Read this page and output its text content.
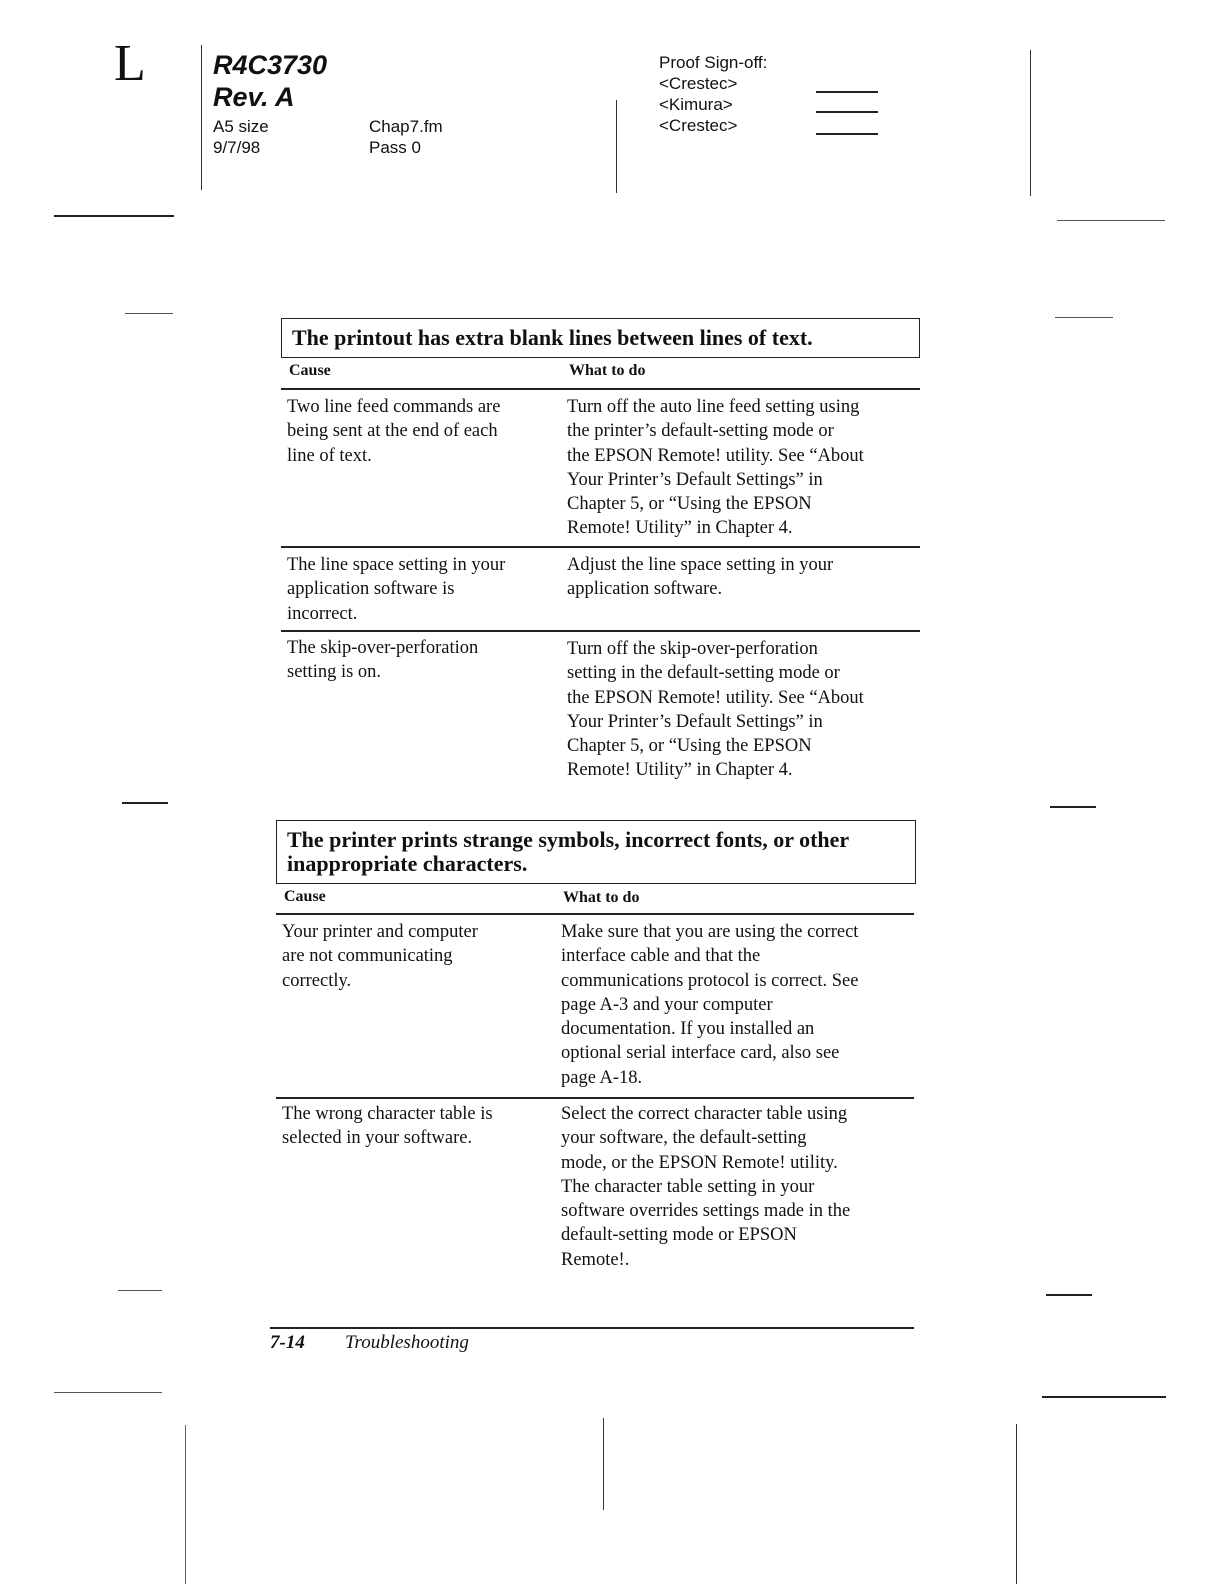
L R4C3730
Rev. A
A5 size
9/7/98
Chap7.fm
Pass 0
Proof Sign-off:
<Crestec>
<Kimura>
<Crestec>
The printout has extra blank lines between lines of text.
Cause	What to do
Two line feed commands are
being sent at the end of each
line of text.
Turn off the auto line feed setting using
the printer’s default-setting mode or
the EPSON Remote! utility. See “About
Your Printer’s Default Settings” in
Chapter 5, or “Using the EPSON
Remote! Utility” in Chapter 4.
The line space setting in your
application software is
incorrect.
Adjust the line space setting in your
application software.
The skip-over-perforation
setting is on.
Turn off the skip-over-perforation
setting in the default-setting mode or
the EPSON Remote! utility. See “About
Your Printer’s Default Settings” in
Chapter 5, or “Using the EPSON
Remote! Utility” in Chapter 4.
The printer prints strange symbols, incorrect fonts, or other
inappropriate characters.
Cause	What to do
Your printer and computer
are not communicating
correctly.
Make sure that you are using the correct
interface cable and that the
communications protocol is correct. See
page A-3 and your computer
documentation. If you installed an
optional serial interface card, also see
page A-18.
The wrong character table is
selected in your software.
Select the correct character table using
your software, the default-setting
mode, or the EPSON Remote! utility.
The character table setting in your
software overrides settings made in the
default-setting mode or EPSON
Remote!.
7-14 Troubleshooting
